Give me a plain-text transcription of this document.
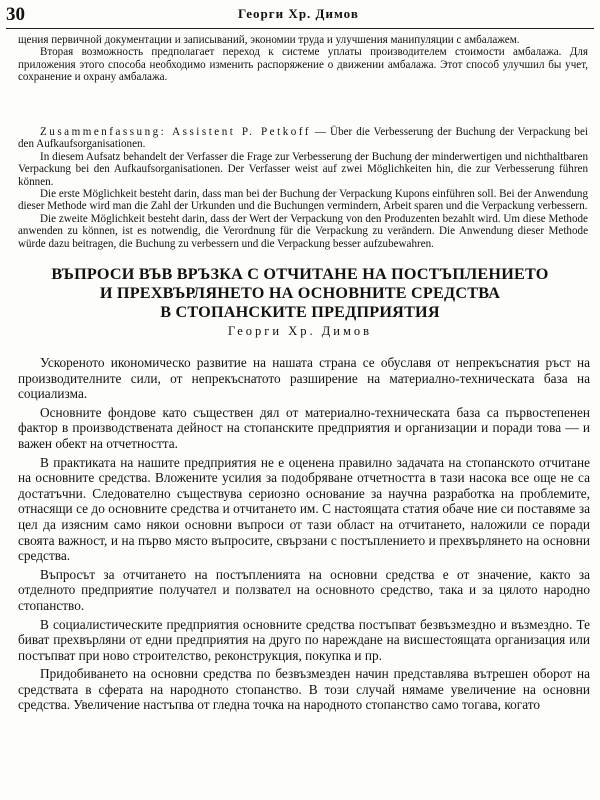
30	Георги Хр. Димов

щения первичной документации и записываний, экономии труда и улучшения манипуляции с амбалажем.

Вторая возможность предполагает переход к системе уплаты производителем стоимости амбалажа. Для приложения этого способа необходимо изменить распоряжение о движении амбалажа. Этот способ улучшил бы учет, сохранение и охрану амбалажа.

Zusammenfassung: Assistent P. Petkoff — Über die Verbesserung der Buchung der Verpackung bei den Aufkaufsorganisationen.

In diesem Aufsatz behandelt der Verfasser die Frage zur Verbesserung der Buchung der minderwertigen und nichthaltbaren Verpackung bei den Aufkaufsorganisationen. Der Verfasser weist auf zwei Möglichkeiten hin, die zur Verbesserung führen können.

Die erste Möglichkeit besteht darin, dass man bei der Buchung der Verpackung Kupons einführen soll. Bei der Anwendung dieser Methode wird man die Zahl der Urkunden und die Buchungen vermindern, Arbeit sparen und die Verpackung verbessern.

Die zweite Möglichkeit besteht darin, dass der Wert der Verpackung von den Produzenten bezahlt wird. Um diese Methode anwenden zu können, ist es notwendig, die Verordnung für die Verpackung zu verändern. Die Anwendung dieser Methode würde dazu beitragen, die Buchung zu verbessern und die Verpackung besser aufzubewahren.

ВЪПРОСИ ВЪВ ВРЪЗКА С ОТЧИТАНЕ НА ПОСТЪПЛЕНИЕТО
И ПРЕХВЪРЛЯНЕТО НА ОСНОВНИТЕ СРЕДСТВА
В СТОПАНСКИТЕ ПРЕДПРИЯТИЯ
Георги Хр. Димов

Ускореното икономическо развитие на нашата страна се обуславя от непрекъснатия ръст на производителните сили, от непрекъснатото разширение на материално-техническата база на социализма.

Основните фондове като съществен дял от материално-техническата база са първостепенен фактор в производствената дейност на стопанските предприятия и организации и поради това — и важен обект на отчетността.

В практиката на нашите предприятия не е оценена правилно задачата на стопанското отчитане на основните средства. Вложените усилия за подобряване отчетността в тази насока все още не са достатъчни. Следователно съществува сериозно основание за научна разработка на проблемите, отнасящи се до основните средства и отчитането им. С настоящата статия обаче ние си поставяме за цел да изясним само някои основни въпроси от тази област на отчитането, наложили се поради своята важност, и на първо място въпросите, свързани с постъплението и прехвърлянето на основни средства.

Въпросът за отчитането на постъпленията на основни средства е от значение, както за отделното предприятие получател и ползвател на основното средство, така и за цялото народно стопанство.

В социалистическите предприятия основните средства постъпват безвъзмездно и възмездно. Те биват прехвърляни от едни предприятия на друго по нареждане на висшестоящата организация или постъпват при ново строителство, реконструкция, покупка и пр.

Придобиването на основни средства по безвъзмезден начин представлява вътрешен оборот на средствата в сферата на народното стопанство. В този случай нямаме увеличение на основни средства. Увеличение настъпва от гледна точка на народното стопанство само тогава, когато
